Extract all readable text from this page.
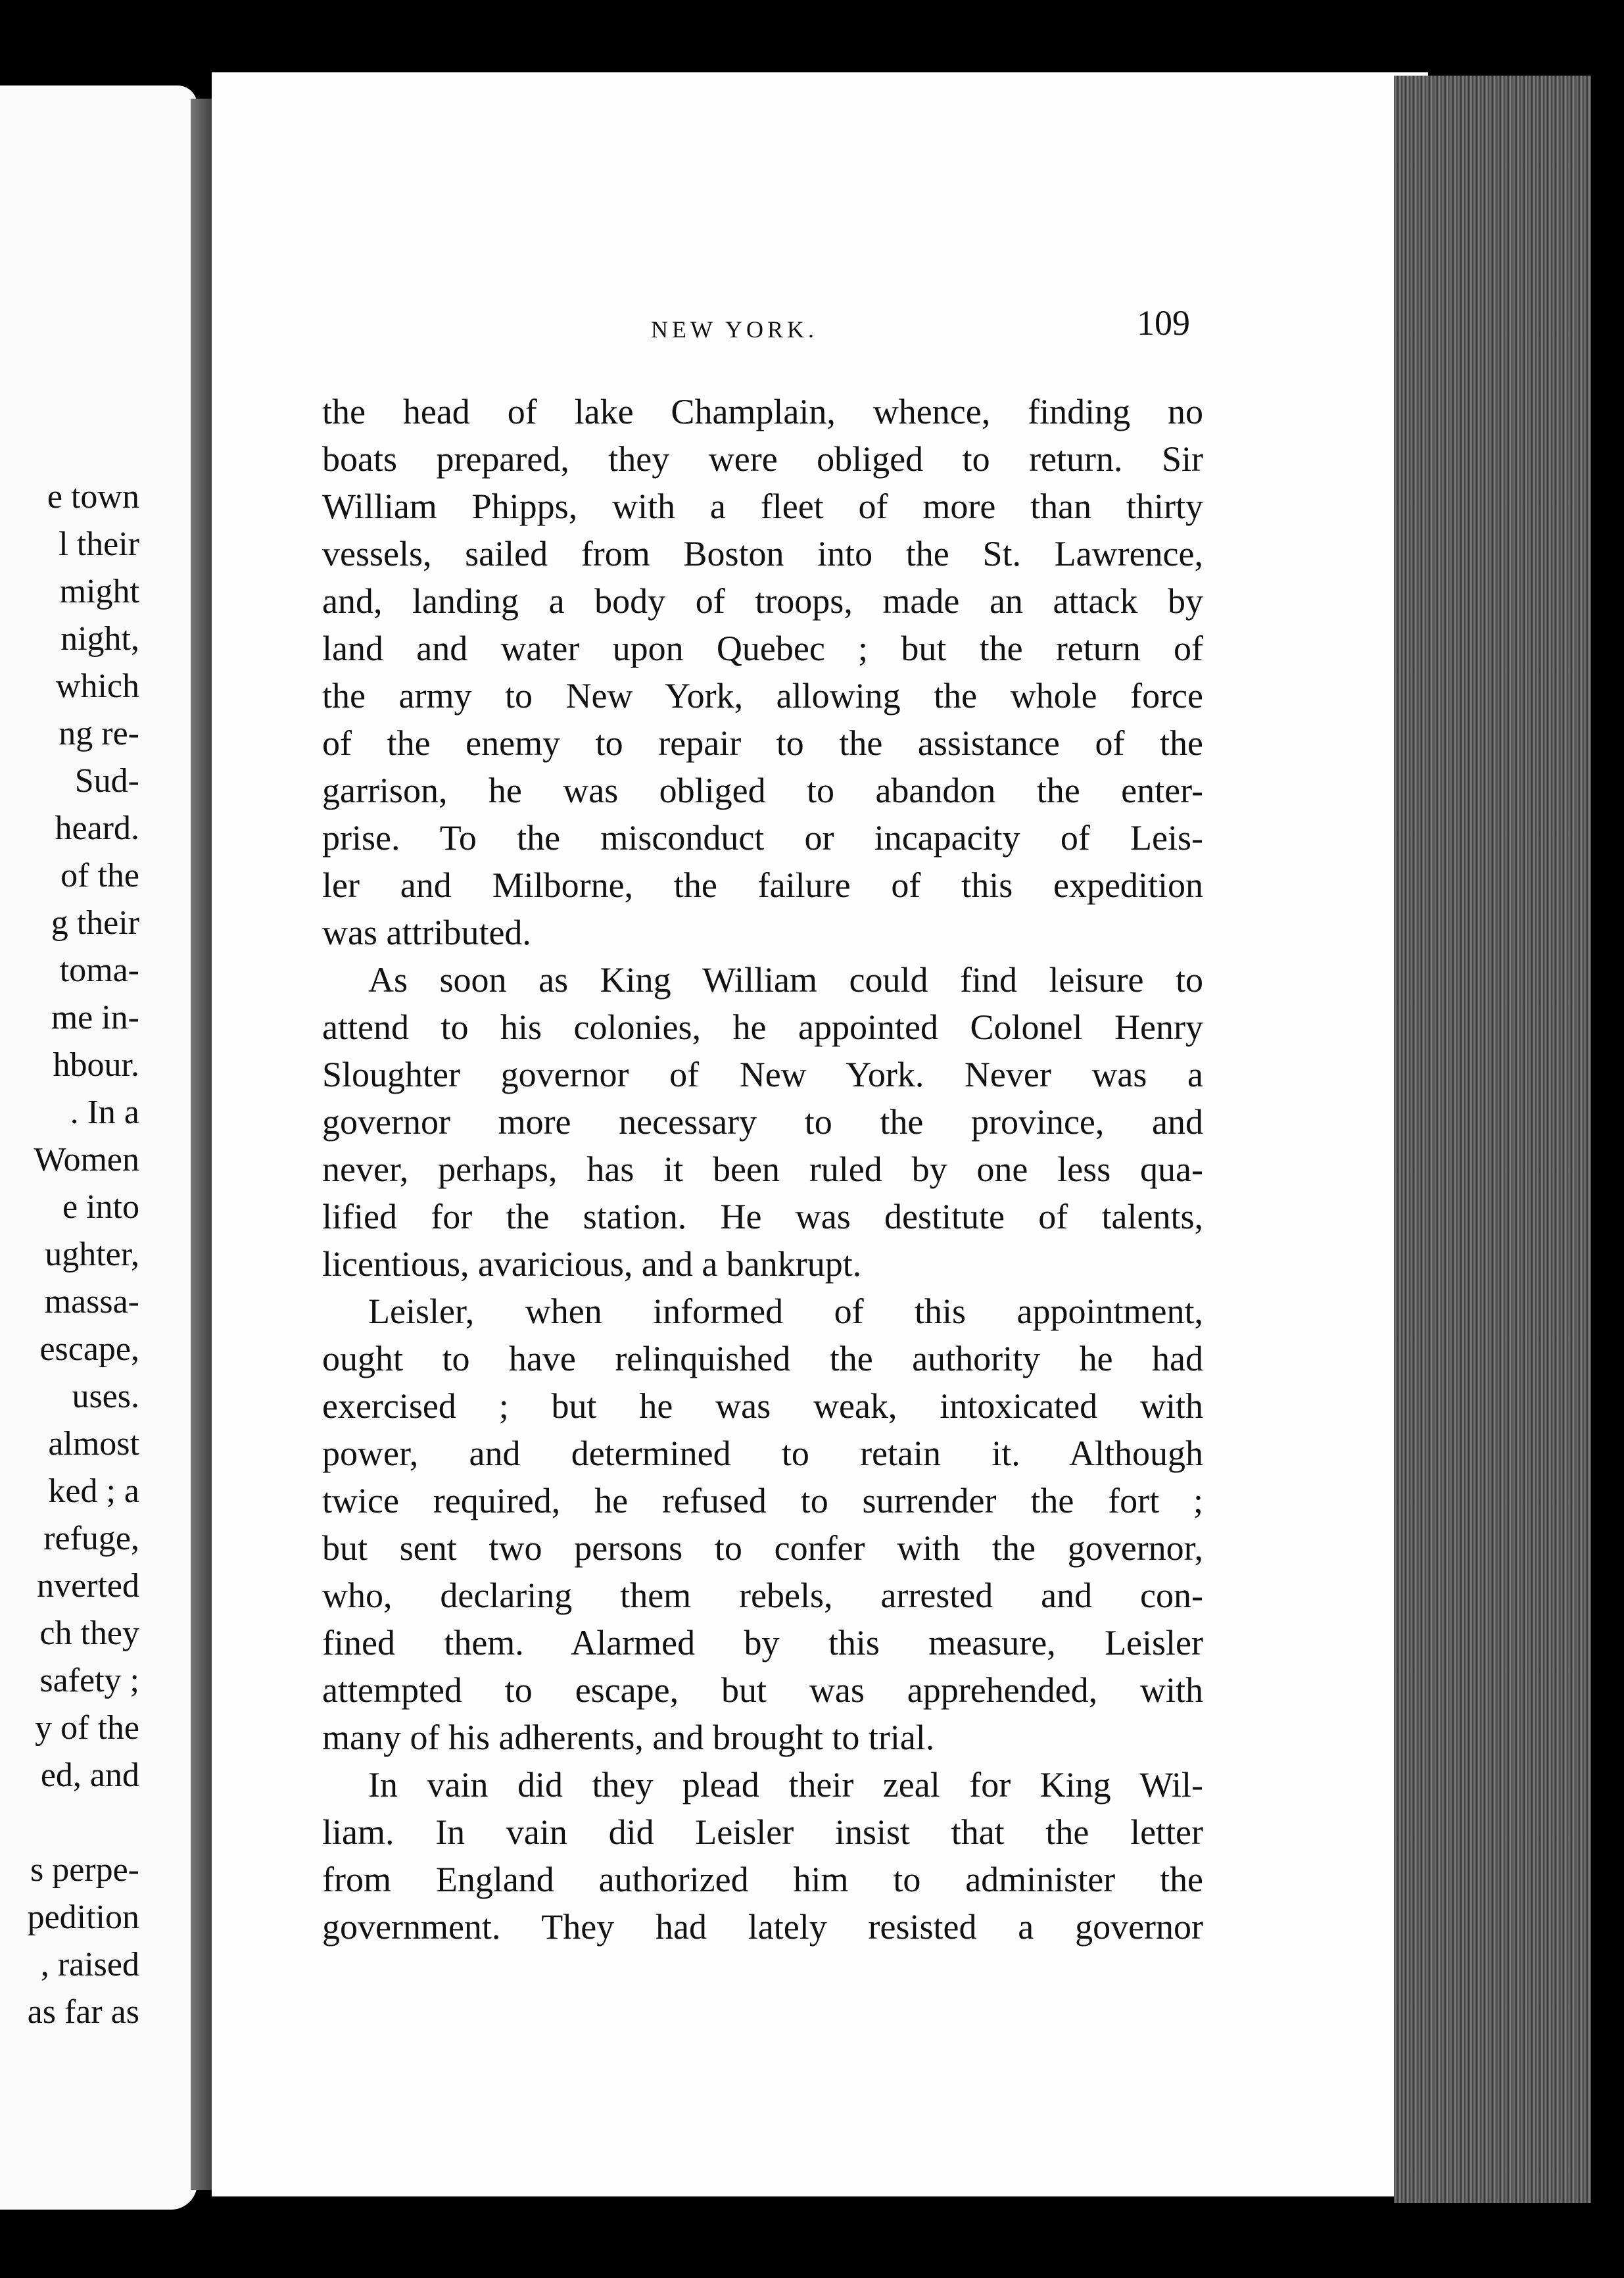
e town
l their
might
night,
which
ng re-
Sud-
heard.
of the
g their
toma-
me in-
hbour.
. In a
Women
e into
ughter,
massa-
escape,
uses.
almost
ked ; a
refuge,
nverted
ch they
safety ;
y of the
ed, and
s perpe-
pedition
, raised
as far as
NEW YORK.	109
the head of lake Champlain, whence, finding no
boats prepared, they were obliged to return. Sir
William Phipps, with a fleet of more than thirty
vessels, sailed from Boston into the St. Lawrence,
and, landing a body of troops, made an attack by
land and water upon Quebec ; but the return of
the army to New York, allowing the whole force
of the enemy to repair to the assistance of the
garrison, he was obliged to abandon the enter-
prise. To the misconduct or incapacity of Leis-
ler and Milborne, the failure of this expedition
was attributed.
As soon as King William could find leisure to
attend to his colonies, he appointed Colonel Henry
Sloughter governor of New York. Never was a
governor more necessary to the province, and
never, perhaps, has it been ruled by one less qua-
lified for the station. He was destitute of talents,
licentious, avaricious, and a bankrupt.
Leisler, when informed of this appointment,
ought to have relinquished the authority he had
exercised ; but he was weak, intoxicated with
power, and determined to retain it. Although
twice required, he refused to surrender the fort ;
but sent two persons to confer with the governor,
who, declaring them rebels, arrested and con-
fined them. Alarmed by this measure, Leisler
attempted to escape, but was apprehended, with
many of his adherents, and brought to trial.
In vain did they plead their zeal for King Wil-
liam. In vain did Leisler insist that the letter
from England authorized him to administer the
government. They had lately resisted a governor
